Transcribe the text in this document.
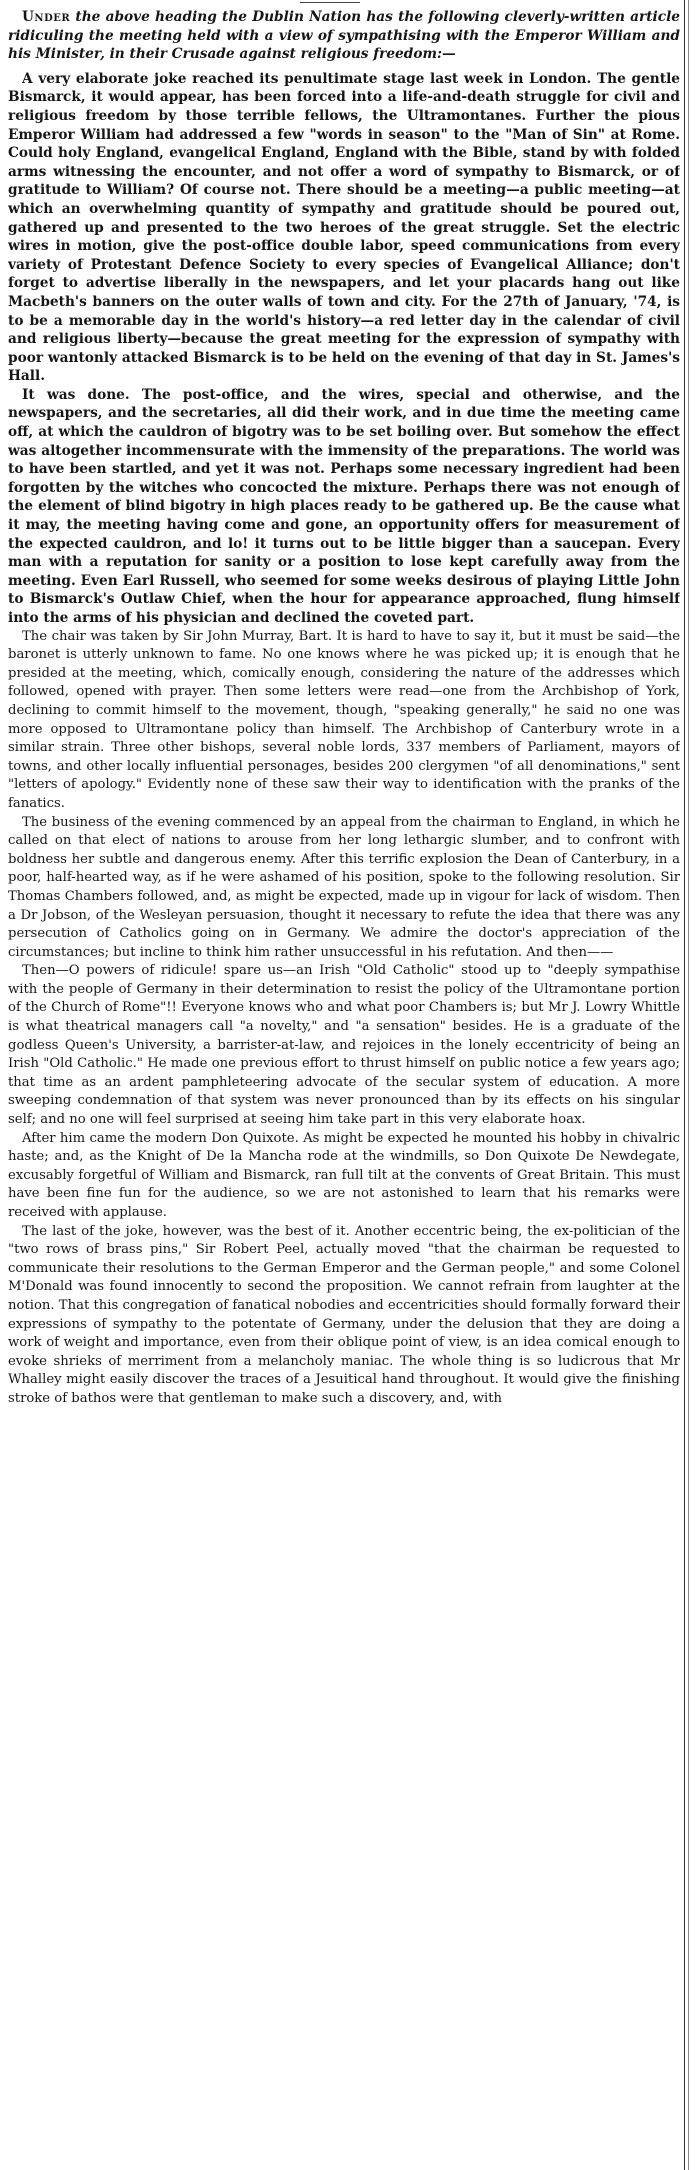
Under the above heading the Dublin Nation has the following cleverly-written article ridiculing the meeting held with a view of sympathising with the Emperor William and his Minister, in their Crusade against religious freedom:—

A very elaborate joke reached its penultimate stage last week in London. The gentle Bismarck, it would appear, has been forced into a life-and-death struggle for civil and religious freedom by those terrible fellows, the Ultramontanes. Further the pious Emperor William had addressed a few "words in season" to the "Man of Sin" at Rome. Could holy England, evangelical England, England with the Bible, stand by with folded arms witnessing the encounter, and not offer a word of sympathy to Bismarck, or of gratitude to William? Of course not. There should be a meeting—a public meeting—at which an overwhelming quantity of sympathy and gratitude should be poured out, gathered up and presented to the two heroes of the great struggle. Set the electric wires in motion, give the post-office double labor, speed communications from every variety of Protestant Defence Society to every species of Evangelical Alliance; don't forget to advertise liberally in the newspapers, and let your placards hang out like Macbeth's banners on the outer walls of town and city. For the 27th of January, '74, is to be a memorable day in the world's history—a red letter day in the calendar of civil and religious liberty—because the great meeting for the expression of sympathy with poor wantonly attacked Bismarck is to be held on the evening of that day in St. James's Hall.

It was done. The post-office, and the wires, special and otherwise, and the newspapers, and the secretaries, all did their work, and in due time the meeting came off, at which the cauldron of bigotry was to be set boiling over. But somehow the effect was altogether incommensurate with the immensity of the preparations. The world was to have been startled, and yet it was not. Perhaps some necessary ingredient had been forgotten by the witches who concocted the mixture. Perhaps there was not enough of the element of blind bigotry in high places ready to be gathered up. Be the cause what it may, the meeting having come and gone, an opportunity offers for measurement of the expected cauldron, and lo! it turns out to be little bigger than a saucepan. Every man with a reputation for sanity or a position to lose kept carefully away from the meeting. Even Earl Russell, who seemed for some weeks desirous of playing Little John to Bismarck's Outlaw Chief, when the hour for appearance approached, flung himself into the arms of his physician and declined the coveted part.

The chair was taken by Sir John Murray, Bart. It is hard to have to say it, but it must be said—the baronet is utterly unknown to fame. No one knows where he was picked up; it is enough that he presided at the meeting, which, comically enough, considering the nature of the addresses which followed, opened with prayer. Then some letters were read—one from the Archbishop of York, declining to commit himself to the movement, though, "speaking generally," he said no one was more opposed to Ultramontane policy than himself. The Archbishop of Canterbury wrote in a similar strain. Three other bishops, several noble lords, 337 members of Parliament, mayors of towns, and other locally influential personages, besides 200 clergymen "of all denominations," sent "letters of apology." Evidently none of these saw their way to identification with the pranks of the fanatics.

The business of the evening commenced by an appeal from the chairman to England, in which he called on that elect of nations to arouse from her long lethargic slumber, and to confront with boldness her subtle and dangerous enemy. After this terrific explosion the Dean of Canterbury, in a poor, half-hearted way, as if he were ashamed of his position, spoke to the following resolution. Sir Thomas Chambers followed, and, as might be expected, made up in vigour for lack of wisdom. Then a Dr Jobson, of the Wesleyan persuasion, thought it necessary to refute the idea that there was any persecution of Catholics going on in Germany. We admire the doctor's appreciation of the circumstances; but incline to think him rather unsuccessful in his refutation. And then——

Then—O powers of ridicule! spare us—an Irish "Old Catholic" stood up to "deeply sympathise with the people of Germany in their determination to resist the policy of the Ultramontane portion of the Church of Rome"!! Everyone knows who and what poor Chambers is; but Mr J. Lowry Whittle is what theatrical managers call "a novelty," and "a sensation" besides. He is a graduate of the godless Queen's University, a barrister-at-law, and rejoices in the lonely eccentricity of being an Irish "Old Catholic." He made one previous effort to thrust himself on public notice a few years ago; that time as an ardent pamphleteering advocate of the secular system of education. A more sweeping condemnation of that system was never pronounced than by its effects on his singular self; and no one will feel surprised at seeing him take part in this very elaborate hoax.

After him came the modern Don Quixote. As might be expected he mounted his hobby in chivalric haste; and, as the Knight of De la Mancha rode at the windmills, so Don Quixote De Newdegate, excusably forgetful of William and Bismarck, ran full tilt at the convents of Great Britain. This must have been fine fun for the audience, so we are not astonished to learn that his remarks were received with applause.

The last of the joke, however, was the best of it. Another eccentric being, the ex-politician of the "two rows of brass pins," Sir Robert Peel, actually moved "that the chairman be requested to communicate their resolutions to the German Emperor and the German people," and some Colonel M'Donald was found innocently to second the proposition. We cannot refrain from laughter at the notion. That this congregation of fanatical nobodies and eccentricities should formally forward their expressions of sympathy to the potentate of Germany, under the delusion that they are doing a work of weight and importance, even from their oblique point of view, is an idea comical enough to evoke shrieks of merriment from a melancholy maniac. The whole thing is so ludicrous that Mr Whalley might easily discover the traces of a Jesuitical hand throughout. It would give the finishing stroke of bathos were that gentleman to make such a discovery, and, with
